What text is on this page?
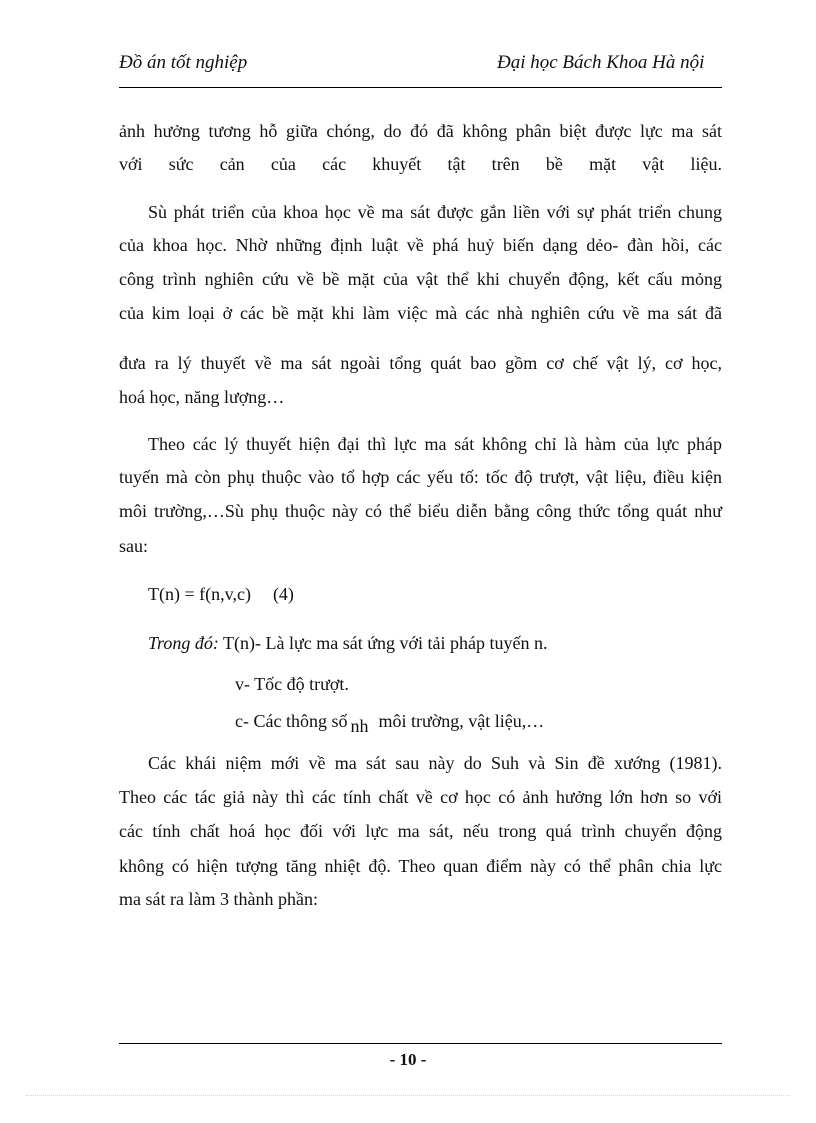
Đồ án tốt nghiệp	Đại học Bách Khoa Hà nội
ảnh hưởng tương hỗ giữa chóng, do đó đã không phân biệt được lực ma sát
với sức cản của các khuyết tật trên bề mặt vật liệu.
Sù phát triển của khoa học về ma sát được gắn liền với sự phát triển chung
của khoa học. Nhờ những định luật về phá huỷ biến dạng dẻo- đàn hồi, các
công trình nghiên cứu về bề mặt của vật thể khi chuyển động, kết cấu mỏng
của kim loại ở các bề mặt khi làm việc mà các nhà nghiên cứu về ma sát đã
đưa ra lý thuyết về ma sát ngoài tổng quát bao gồm cơ chế vật lý, cơ học,
hoá học, năng lượng…
Theo các lý thuyết hiện đại thì lực ma sát không chỉ là hàm của lực pháp
tuyến mà còn phụ thuộc vào tổ hợp các yếu tố: tốc độ trượt, vật liệu, điều kiện
môi trường,…Sù phụ thuộc này có thể biểu diễn bằng công thức tổng quát như
sau:
T(n) = f(n,v,c) (4)
Trong đó: T(n)- Là lực ma sát ứng với tải pháp tuyến n.
v- Tốc độ trượt.
c- Các thông số nh môi trường, vật liệu,…
Các khái niệm mới về ma sát sau này do Suh và Sin đề xướng (1981).
Theo các tác giả này thì các tính chất về cơ học có ảnh hưởng lớn hơn so với
các tính chất hoá học đối với lực ma sát, nếu trong quá trình chuyển động
không có hiện tượng tăng nhiệt độ. Theo quan điểm này có thể phân chia lực
ma sát ra làm 3 thành phần:
- 10 -
